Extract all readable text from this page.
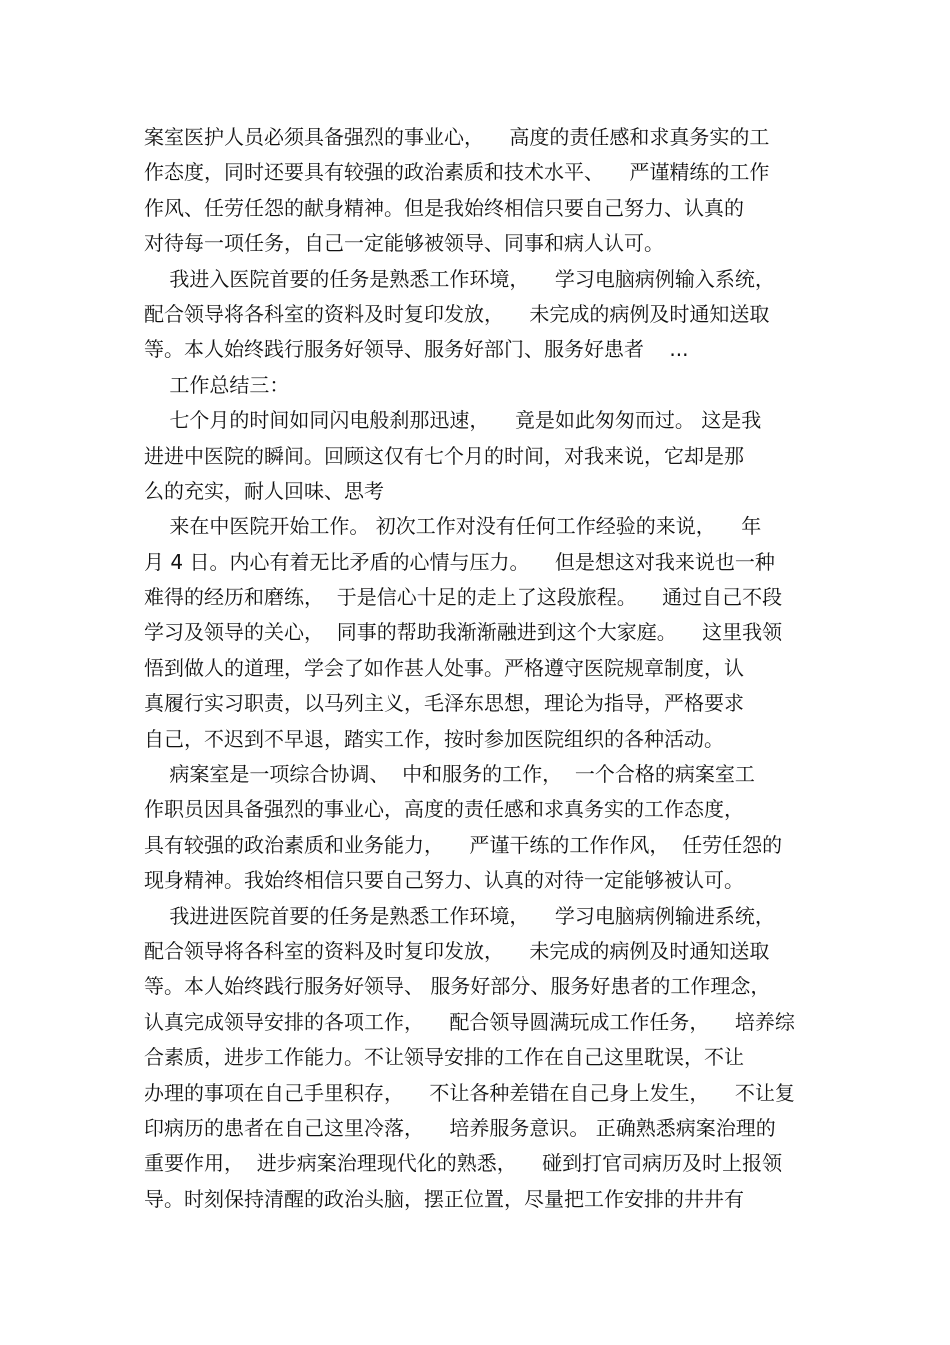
案室医护人员必须具备强烈的事业心，    高度的责任感和求真务实的工
作态度，同时还要具有较强的政治素质和技术水平、    严谨精练的工作
作风、任劳任怨的献身精神。但是我始终相信只要自己努力、认真的
对待每一项任务，自己一定能够被领导、同事和病人认可。
我进入医院首要的任务是熟悉工作环境，    学习电脑病例输入系统，
配合领导将各科室的资料及时复印发放，    未完成的病例及时通知送取
等。本人始终践行服务好领导、服务好部门、服务好患者    ...
工作总结三：
七个月的时间如同闪电般刹那迅速，    竟是如此匆匆而过。 这是我
进进中医院的瞬间。回顾这仅有七个月的时间，对我来说，它却是那
么的充实，耐人回味、思考
来在中医院开始工作。 初次工作对没有任何工作经验的来说，    年
月 4 日。内心有着无比矛盾的心情与压力。    但是想这对我来说也一种
难得的经历和磨练，  于是信心十足的走上了这段旅程。    通过自己不段
学习及领导的关心，  同事的帮助我渐渐融进到这个大家庭。    这里我领
悟到做人的道理，学会了如作甚人处事。严格遵守医院规章制度，认
真履行实习职责，以马列主义，毛泽东思想，理论为指导，严格要求
自己，不迟到不早退，踏实工作，按时参加医院组织的各种活动。
病案室是一项综合协调、  中和服务的工作，  一个合格的病案室工
作职员因具备强烈的事业心，高度的责任感和求真务实的工作态度，
具有较强的政治素质和业务能力，    严谨干练的工作作风，  任劳任怨的
现身精神。我始终相信只要自己努力、认真的对待一定能够被认可。
我进进医院首要的任务是熟悉工作环境，    学习电脑病例输进系统，
配合领导将各科室的资料及时复印发放，    未完成的病例及时通知送取
等。本人始终践行服务好领导、 服务好部分、服务好患者的工作理念，
认真完成领导安排的各项工作，    配合领导圆满玩成工作任务，    培养综
合素质，进步工作能力。不让领导安排的工作在自己这里耽误，不让
办理的事项在自己手里积存，    不让各种差错在自己身上发生，    不让复
印病历的患者在自己这里冷落，    培养服务意识。 正确熟悉病案治理的
重要作用，  进步病案治理现代化的熟悉，    碰到打官司病历及时上报领
导。时刻保持清醒的政治头脑，摆正位置，尽量把工作安排的井井有
